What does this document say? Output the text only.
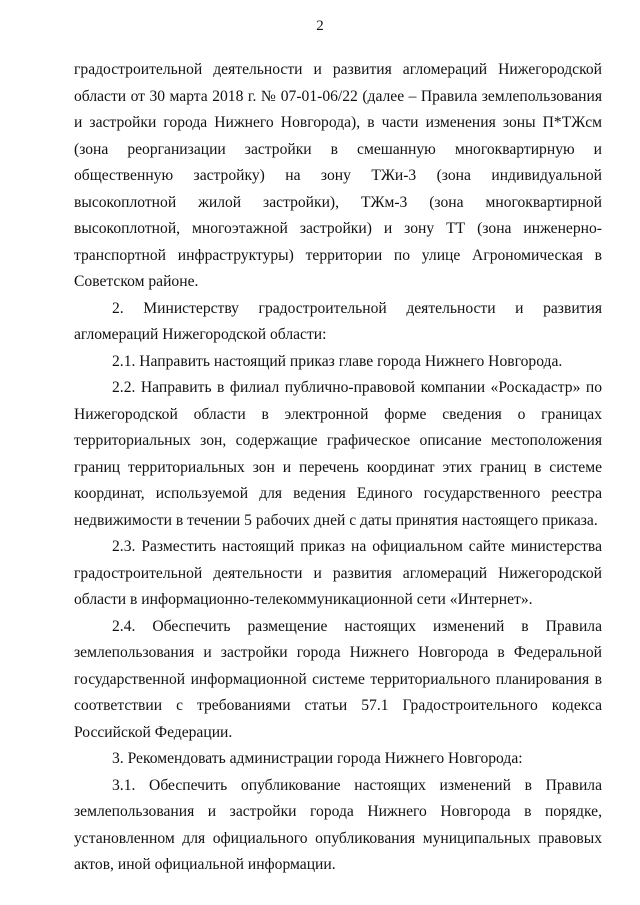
2

градостроительной деятельности и развития агломераций Нижегородской области от 30 марта 2018 г. № 07-01-06/22 (далее – Правила землепользования и застройки города Нижнего Новгорода), в части изменения зоны П*ТЖсм (зона реорганизации застройки в смешанную многоквартирную и общественную застройку) на зону ТЖи-3 (зона индивидуальной высокоплотной жилой застройки), ТЖм-3 (зона многоквартирной высокоплотной, многоэтажной застройки) и зону ТТ (зона инженерно-транспортной инфраструктуры) территории по улице Агрономическая в Советском районе.

2. Министерству градостроительной деятельности и развития агломераций Нижегородской области:

2.1. Направить настоящий приказ главе города Нижнего Новгорода.

2.2. Направить в филиал публично-правовой компании «Роскадастр» по Нижегородской области в электронной форме сведения о границах территориальных зон, содержащие графическое описание местоположения границ территориальных зон и перечень координат этих границ в системе координат, используемой для ведения Единого государственного реестра недвижимости в течении 5 рабочих дней с даты принятия настоящего приказа.

2.3. Разместить настоящий приказ на официальном сайте министерства градостроительной деятельности и развития агломераций Нижегородской области в информационно-телекоммуникационной сети «Интернет».

2.4. Обеспечить размещение настоящих изменений в Правила землепользования и застройки города Нижнего Новгорода в Федеральной государственной информационной системе территориального планирования в соответствии с требованиями статьи 57.1 Градостроительного кодекса Российской Федерации.

3. Рекомендовать администрации города Нижнего Новгорода:

3.1. Обеспечить опубликование настоящих изменений в Правила землепользования и застройки города Нижнего Новгорода в порядке, установленном для официального опубликования муниципальных правовых актов, иной официальной информации.
